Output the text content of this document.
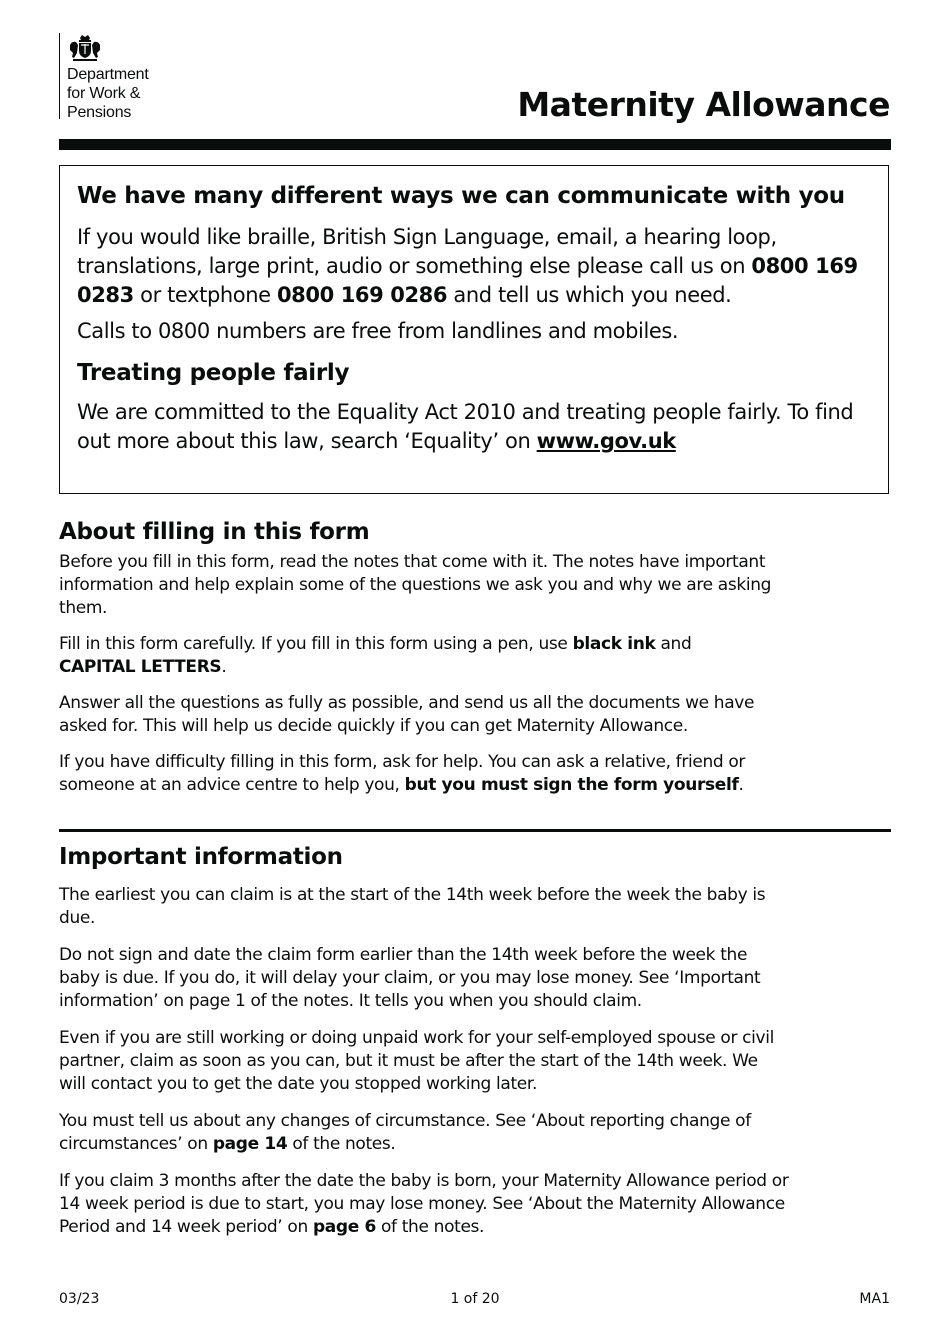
Department
for Work &
Pensions	Maternity Allowance
We have many different ways we can communicate with you

If you would like braille, British Sign Language, email, a hearing loop, translations, large print, audio or something else please call us on 0800 169 0283 or textphone 0800 169 0286 and tell us which you need.

Calls to 0800 numbers are free from landlines and mobiles.

Treating people fairly

We are committed to the Equality Act 2010 and treating people fairly. To find out more about this law, search ‘Equality’ on www.gov.uk

About filling in this form

Before you fill in this form, read the notes that come with it. The notes have important information and help explain some of the questions we ask you and why we are asking them.

Fill in this form carefully. If you fill in this form using a pen, use black ink and
CAPITAL LETTERS.

Answer all the questions as fully as possible, and send us all the documents we have asked for. This will help us decide quickly if you can get Maternity Allowance.

If you have difficulty filling in this form, ask for help. You can ask a relative, friend or someone at an advice centre to help you, but you must sign the form yourself.

Important information

The earliest you can claim is at the start of the 14th week before the week the baby is due.

Do not sign and date the claim form earlier than the 14th week before the week the baby is due. If you do, it will delay your claim, or you may lose money. See ‘Important information’ on page 1 of the notes. It tells you when you should claim.

Even if you are still working or doing unpaid work for your self-employed spouse or civil partner, claim as soon as you can, but it must be after the start of the 14th week. We will contact you to get the date you stopped working later.

You must tell us about any changes of circumstance. See ‘About reporting change of circumstances’ on page 14 of the notes.

If you claim 3 months after the date the baby is born, your Maternity Allowance period or 14 week period is due to start, you may lose money. See ‘About the Maternity Allowance Period and 14 week period’ on page 6 of the notes.

03/23	1 of 20	MA1
